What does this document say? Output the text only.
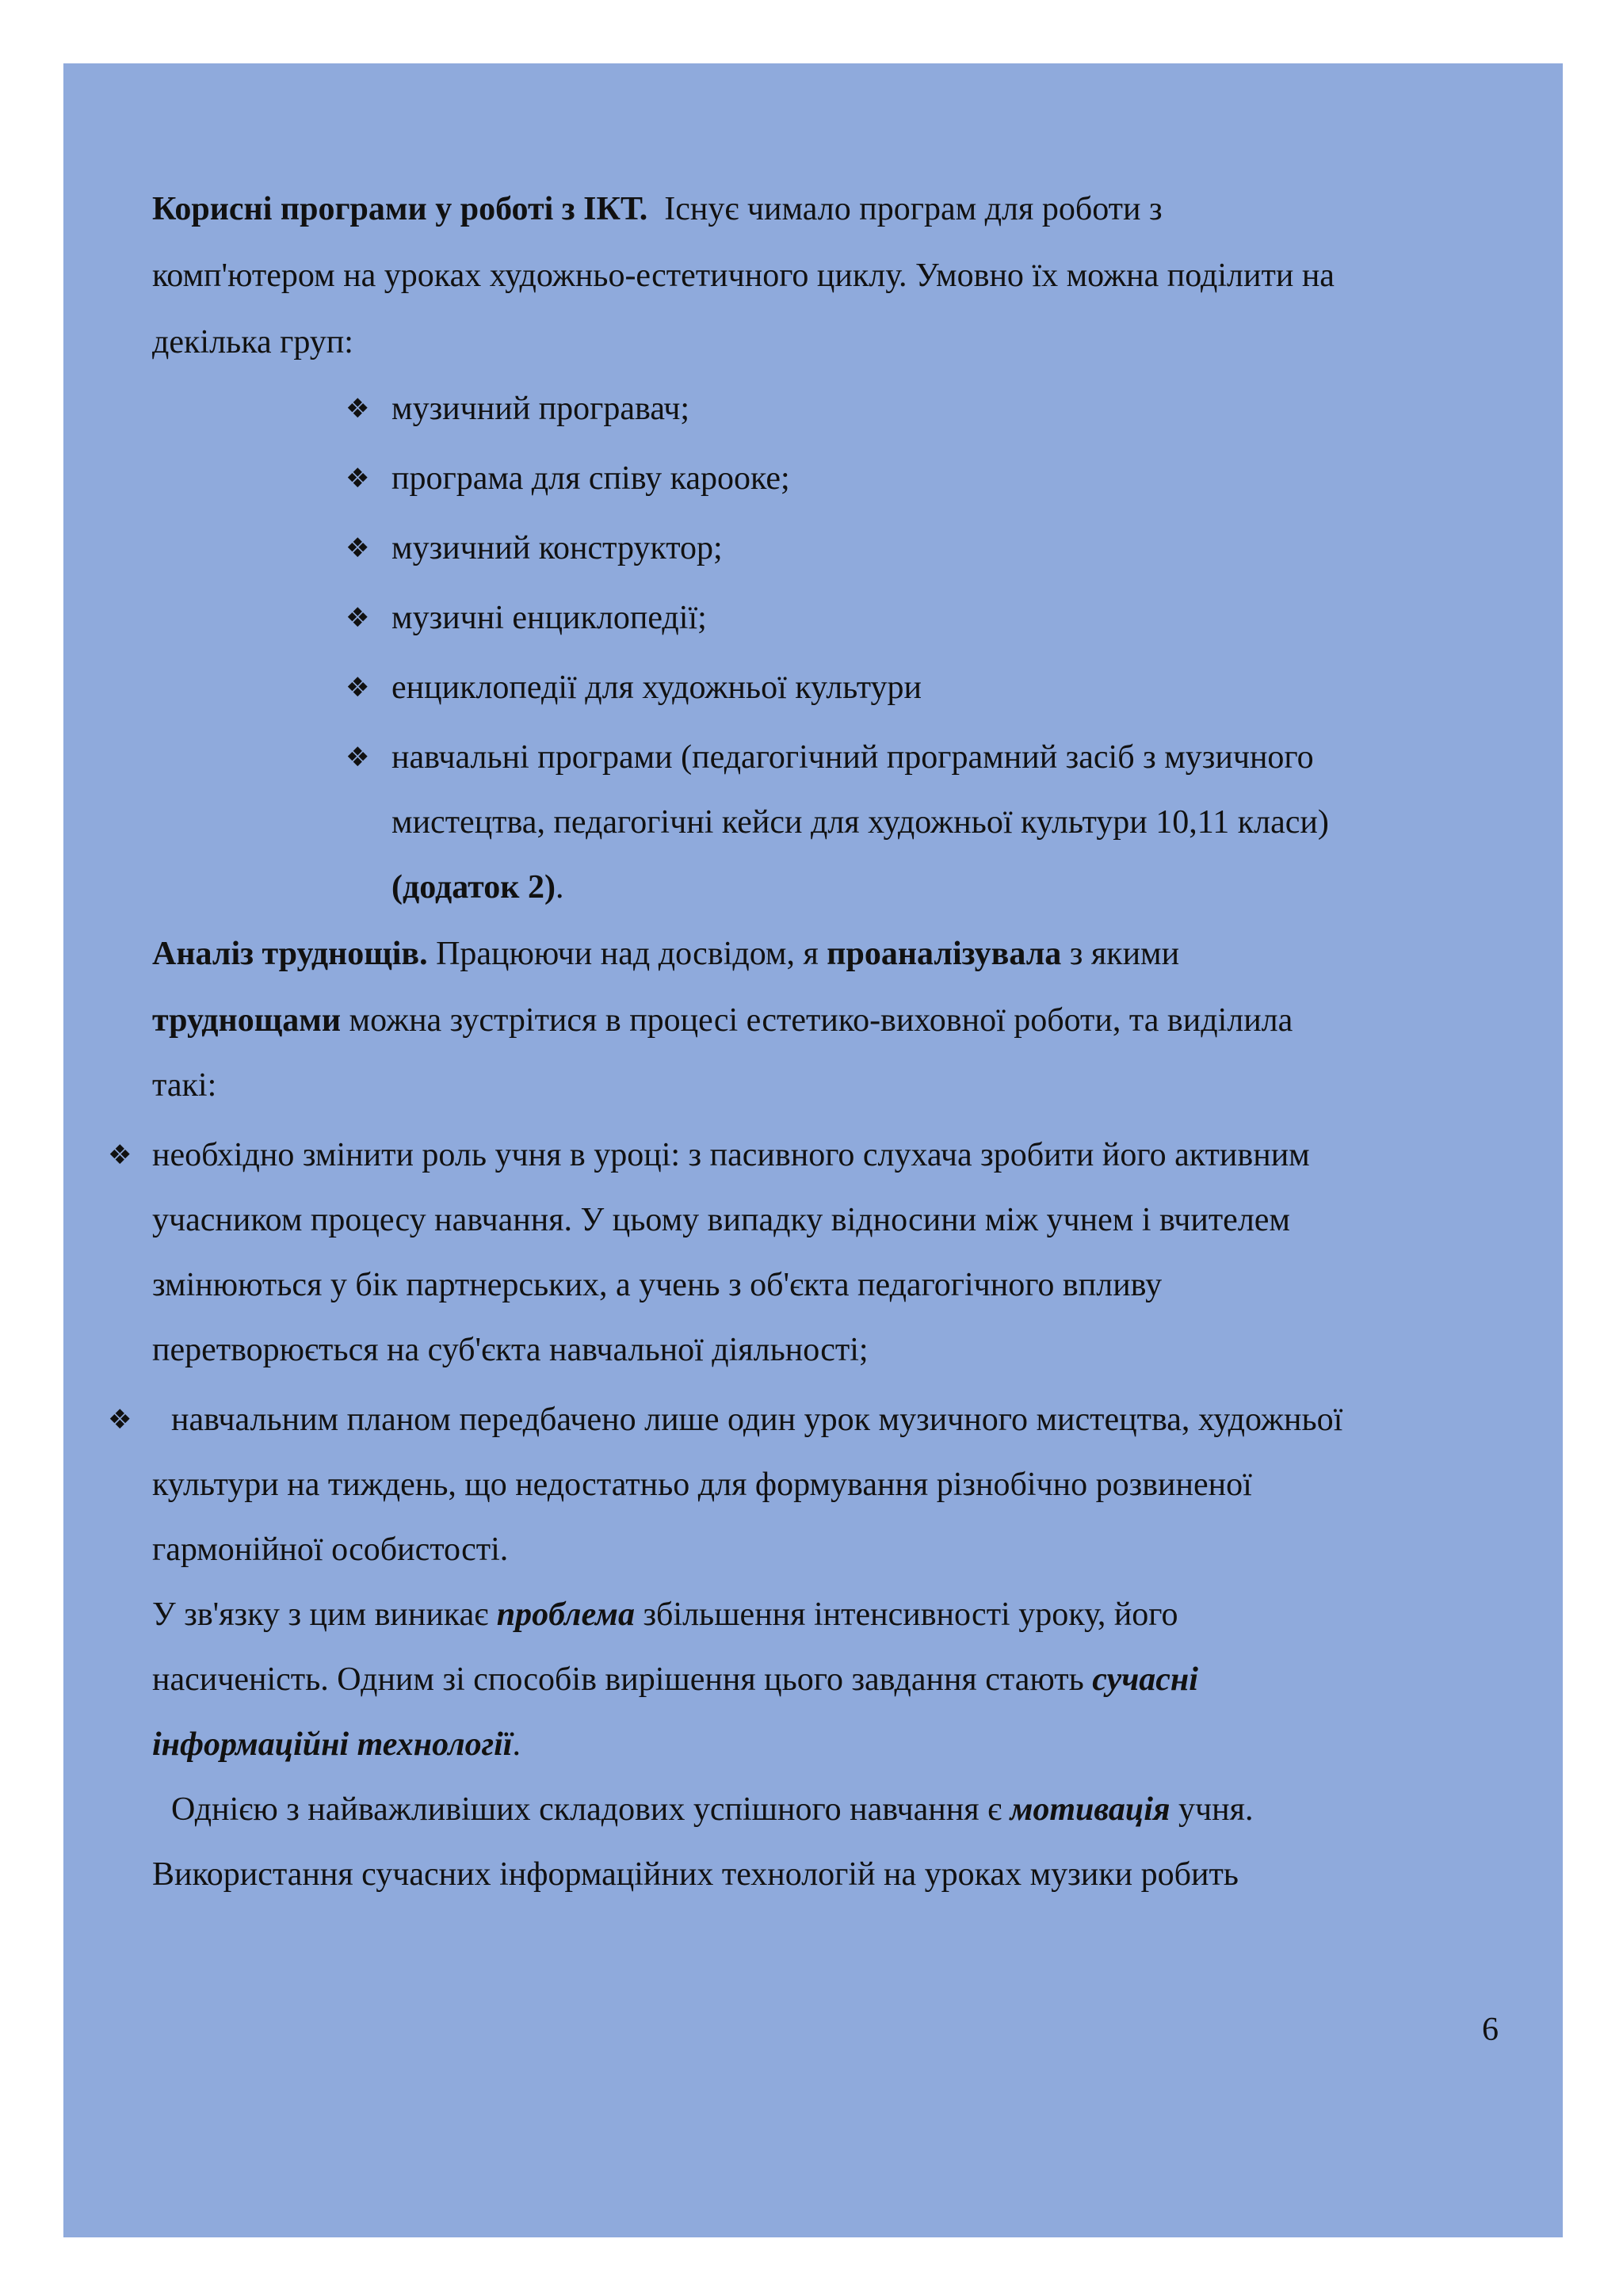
Корисні програми у роботі з ІКТ. Існує чимало програм для роботи з
комп'ютером на уроках художньо-естетичного циклу. Умовно їх можна поділити на
декілька груп:
❖ музичний програвач;
❖ програма для співу карооке;
❖ музичний конструктор;
❖ музичні енциклопедії;
❖ енциклопедії для художньої культури
❖ навчальні програми (педагогічний програмний засіб з музичного
мистецтва, педагогічні кейси для художньої культури 10,11 класи)
(додаток 2).
Аналіз труднощів. Працюючи над досвідом, я проаналізувала з якими
труднощами можна зустрітися в процесі естетико-виховної роботи, та виділила
такі:
❖ необхідно змінити роль учня в уроці: з пасивного слухача зробити його активним
учасником процесу навчання. У цьому випадку відносини між учнем і вчителем
змінюються у бік партнерських, а учень з об'єкта педагогічного впливу
перетворюється на суб'єкта навчальної діяльності;
❖ навчальним планом передбачено лише один урок музичного мистецтва, художньої
культури на тиждень, що недостатньо для формування різнобічно розвиненої
гармонійної особистості.
У зв'язку з цим виникає проблема збільшення інтенсивності уроку, його
насиченість. Одним зі способів вирішення цього завдання стають сучасні
інформаційні технології.
Однією з найважливіших складових успішного навчання є мотивація учня.
Використання сучасних інформаційних технологій на уроках музики робить
6
